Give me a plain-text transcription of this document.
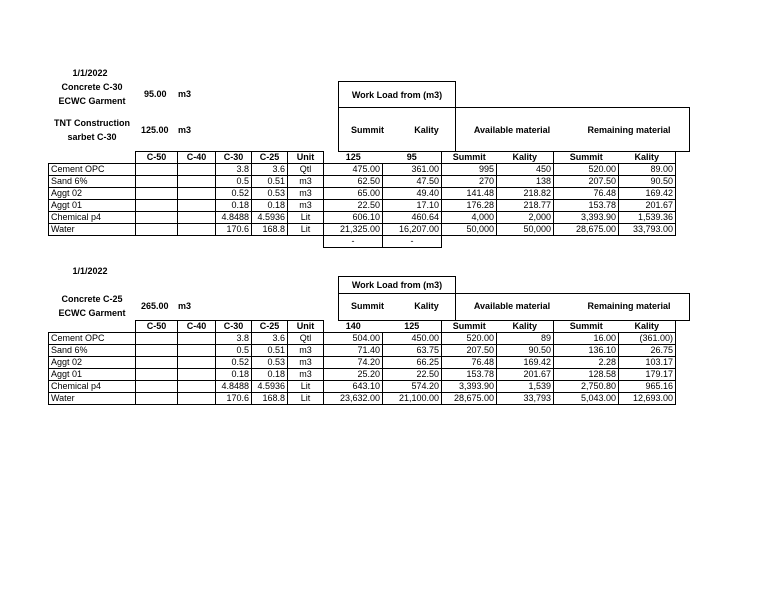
1/1/2022
Concrete C-30
ECWC Garment
95.00 m3
TNT Construction
sarbet C-30
125.00 m3
Work Load from (m3)
Summit	Kality	Available material	Remaining material
	C-50	C-40	C-30	C-25	Unit	125	95	Summit	Kality	Summit	Kality
Cement OPC			3.8	3.6	Qtl	475.00	361.00	995	450	520.00	89.00
Sand 6%			0.5	0.51	m3	62.50	47.50	270	138	207.50	90.50
Aggt 02			0.52	0.53	m3	65.00	49.40	141.48	218.82	76.48	169.42
Aggt 01			0.18	0.18	m3	22.50	17.10	176.28	218.77	153.78	201.67
Chemical p4			4.8488	4.5936	Lit	606.10	460.64	4,000	2,000	3,393.90	1,539.36
Water			170.6	168.8	Lit	21,325.00	16,207.00	50,000	50,000	28,675.00	33,793.00
						-	-				
1/1/2022
Concrete C-25
ECWC Garment
265.00 m3
Work Load from (m3)
Summit	Kality	Available material	Remaining material
	C-50	C-40	C-30	C-25	Unit	140	125	Summit	Kality	Summit	Kality
Cement OPC			3.8	3.6	Qtl	504.00	450.00	520.00	89	16.00	(361.00)
Sand 6%			0.5	0.51	m3	71.40	63.75	207.50	90.50	136.10	26.75
Aggt 02			0.52	0.53	m3	74.20	66.25	76.48	169.42	2.28	103.17
Aggt 01			0.18	0.18	m3	25.20	22.50	153.78	201.67	128.58	179.17
Chemical p4			4.8488	4.5936	Lit	643.10	574.20	3,393.90	1,539	2,750.80	965.16
Water			170.6	168.8	Lit	23,632.00	21,100.00	28,675.00	33,793	5,043.00	12,693.00
